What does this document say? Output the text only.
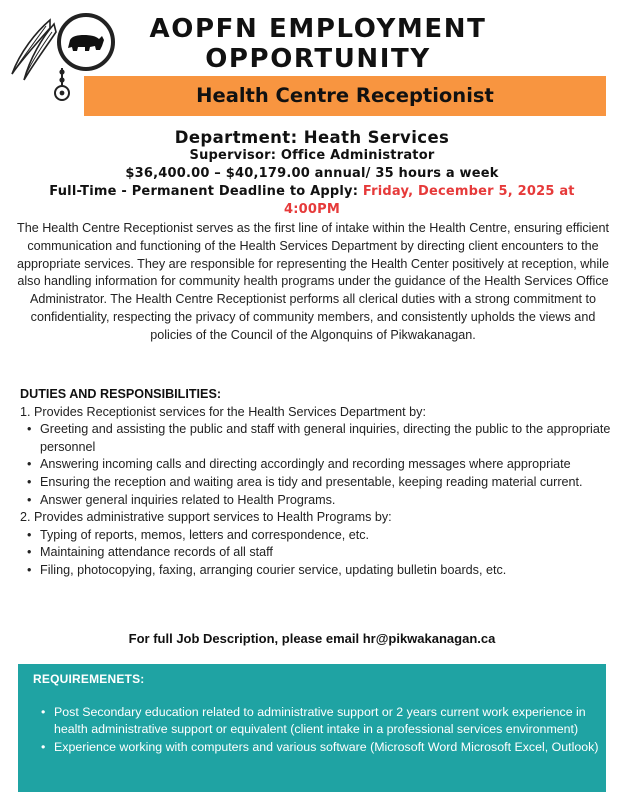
AOPFN EMPLOYMENT
OPPORTUNITY
Health Centre Receptionist
Department: Heath Services
Supervisor: Office Administrator
$36,400.00 – $40,179.00 annual/ 35 hours a week
Full-Time - Permanent Deadline to Apply: Friday, December 5, 2025 at
4:00PM
The Health Centre Receptionist serves as the first line of intake within the Health Centre, ensuring efficient communication and functioning of the Health Services Department by directing client encounters to the appropriate services. They are responsible for representing the Health Center positively at reception, while also handling information for community health programs under the guidance of the Health Services Office Administrator. The Health Centre Receptionist performs all clerical duties with a strong commitment to confidentiality, respecting the privacy of community members, and consistently upholds the views and policies of the Council of the Algonquins of Pikwakanagan.
DUTIES AND RESPONSIBILITIES:
1. Provides Receptionist services for the Health Services Department by:
• Greeting and assisting the public and staff with general inquiries, directing the public to the appropriate personnel
• Answering incoming calls and directing accordingly and recording messages where appropriate
• Ensuring the reception and waiting area is tidy and presentable, keeping reading material current.
• Answer general inquiries related to Health Programs.
2. Provides administrative support services to Health Programs by:
• Typing of reports, memos, letters and correspondence, etc.
• Maintaining attendance records of all staff
• Filing, photocopying, faxing, arranging courier service, updating bulletin boards, etc.
For full Job Description, please email hr@pikwakanagan.ca
REQUIREMENETS:
• Post Secondary education related to administrative support or 2 years current work experience in health administrative support or equivalent (client intake in a professional services environment)
• Experience working with computers and various software (Microsoft Word Microsoft Excel, Outlook)
